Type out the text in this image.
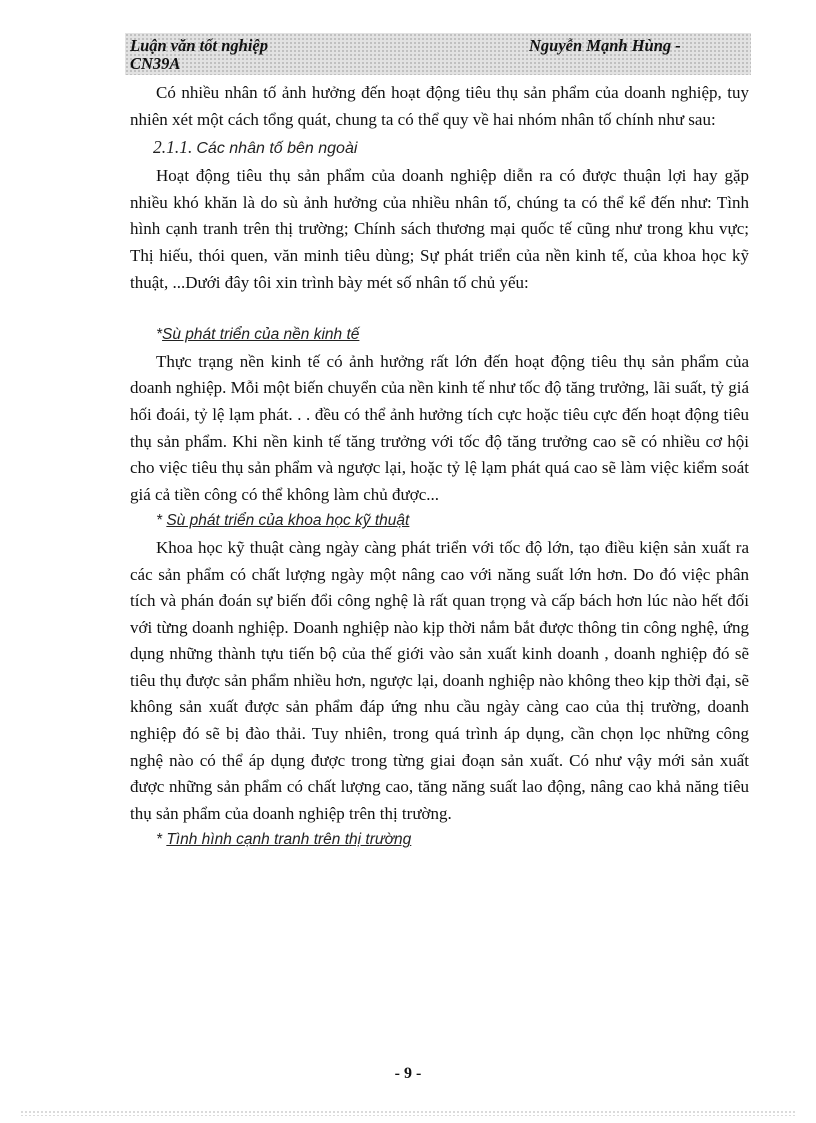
Luận văn tốt nghiệp	Nguyễn Mạnh Hùng -
CN39A

Có nhiều nhân tố ảnh hưởng đến hoạt động tiêu thụ sản phẩm của doanh nghiệp, tuy nhiên xét một cách tổng quát, chung ta có thể quy về hai nhóm nhân tố chính như sau:

2.1.1. Các nhân tố bên ngoài

Hoạt động tiêu thụ sản phẩm của doanh nghiệp diễn ra có được thuận lợi hay gặp nhiều khó khăn là do sù ảnh hưởng của nhiều nhân tố, chúng ta có thể kể đến như: Tình hình cạnh tranh trên thị trường; Chính sách thương mại quốc tế cũng như trong khu vực; Thị hiếu, thói quen, văn minh tiêu dùng; Sự phát triển của nền kinh tế, của khoa học kỹ thuật, ...Dưới đây tôi xin trình bày mét số nhân tố chủ yếu:

*Sù phát triển của nền kinh tế

Thực trạng nền kinh tế có ảnh hưởng rất lớn đến hoạt động tiêu thụ sản phẩm của doanh nghiệp. Mỗi một biến chuyển của nền kinh tế như tốc độ tăng trưởng, lãi suất, tỷ giá hối đoái, tỷ lệ lạm phát. . . đều có thể ảnh hưởng tích cực hoặc tiêu cực đến hoạt động tiêu thụ sản phẩm. Khi nền kinh tế tăng trưởng với tốc độ tăng trưởng cao sẽ có nhiều cơ hội cho việc tiêu thụ sản phẩm và ngược lại, hoặc tỷ lệ lạm phát quá cao sẽ làm việc kiểm soát giá cả tiền công có thể không làm chủ được...

* Sù phát triển của khoa học kỹ thuật

Khoa học kỹ thuật càng ngày càng phát triển với tốc độ lớn, tạo điều kiện sản xuất ra các sản phẩm có chất lượng ngày một nâng cao với năng suất lớn hơn. Do đó việc phân tích và phán đoán sự biến đổi công nghệ là rất quan trọng và cấp bách hơn lúc nào hết đối với từng doanh nghiệp. Doanh nghiệp nào kịp thời nắm bắt được thông tin công nghệ, ứng dụng những thành tựu tiến bộ của thế giới vào sản xuất kinh doanh , doanh nghiệp đó sẽ tiêu thụ được sản phẩm nhiều hơn, ngược lại, doanh nghiệp nào không theo kịp thời đại, sẽ không sản xuất được sản phẩm đáp ứng nhu cầu ngày càng cao của thị trường, doanh nghiệp đó sẽ bị đào thải. Tuy nhiên, trong quá trình áp dụng, cần chọn lọc những công nghệ nào có thể áp dụng được trong từng giai đoạn sản xuất. Có như vậy mới sản xuất được những sản phẩm có chất lượng cao, tăng năng suất lao động, nâng cao khả năng tiêu thụ sản phẩm của doanh nghiệp trên thị trường.

* Tình hình cạnh tranh trên thị trường
- 9 -
